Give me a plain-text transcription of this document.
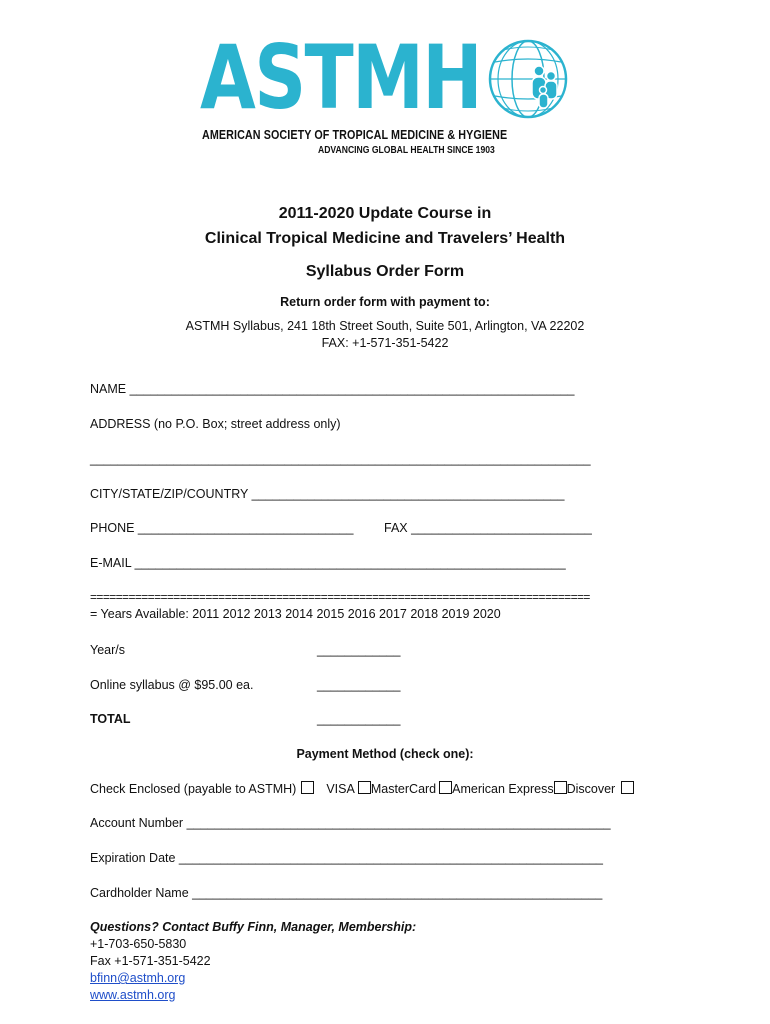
ASTMH
AMERICAN SOCIETY OF TROPICAL MEDICINE & HYGIENE
ADVANCING GLOBAL HEALTH SINCE 1903
2011-2020 Update Course in
Clinical Tropical Medicine and Travelers’ Health
Syllabus Order Form
Return order form with payment to:
ASTMH Syllabus, 241 18th Street South, Suite 501, Arlington, VA 22202
FAX: +1-571-351-5422
NAME ________________________________________________________________
ADDRESS (no P.O. Box; street address only)
________________________________________________________________________
CITY/STATE/ZIP/COUNTRY _____________________________________________
PHONE _______________________________ FAX __________________________
E-MAIL ______________________________________________________________
==============================================================================
= Years Available: 2011 2012 2013 2014 2015 2016 2017 2018 2019 2020
Year/s	____________
Online syllabus @ $95.00 ea.	____________
TOTAL	____________
Payment Method (check one):
Check Enclosed (payable to ASTMH) VISA MasterCard American Express Discover
Account Number _____________________________________________________________
Expiration Date _____________________________________________________________
Cardholder Name ___________________________________________________________
Questions? Contact Buffy Finn, Manager, Membership:
+1-703-650-5830
Fax +1-571-351-5422
bfinn@astmh.org
www.astmh.org
